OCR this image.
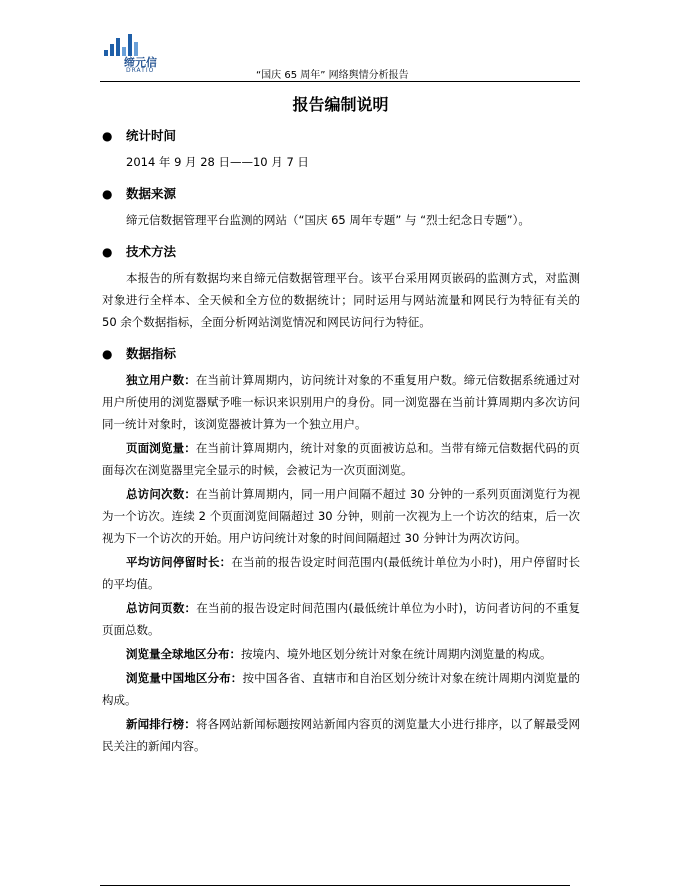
缔元信
DRATIO	“国庆 65 周年” 网络舆情分析报告
报告编制说明
● 统计时间
2014 年 9 月 28 日——10 月 7 日
● 数据来源
缔元信数据管理平台监测的网站（“国庆 65 周年专题” 与 “烈士纪念日专题”）。
● 技术方法
本报告的所有数据均来自缔元信数据管理平台。该平台采用网页嵌码的监测方式，对监测对象进行全样本、全天候和全方位的数据统计；同时运用与网站流量和网民行为特征有关的 50 余个数据指标，全面分析网站浏览情况和网民访问行为特征。
● 数据指标
独立用户数：在当前计算周期内，访问统计对象的不重复用户数。缔元信数据系统通过对用户所使用的浏览器赋予唯一标识来识别用户的身份。同一浏览器在当前计算周期内多次访问同一统计对象时，该浏览器被计算为一个独立用户。
页面浏览量：在当前计算周期内，统计对象的页面被访总和。当带有缔元信数据代码的页面每次在浏览器里完全显示的时候，会被记为一次页面浏览。
总访问次数：在当前计算周期内，同一用户间隔不超过 30 分钟的一系列页面浏览行为视为一个访次。连续 2 个页面浏览间隔超过 30 分钟，则前一次视为上一个访次的结束，后一次视为下一个访次的开始。用户访问统计对象的时间间隔超过 30 分钟计为两次访问。
平均访问停留时长：在当前的报告设定时间范围内(最低统计单位为小时)，用户停留时长的平均值。
总访问页数：在当前的报告设定时间范围内(最低统计单位为小时)，访问者访问的不重复页面总数。
浏览量全球地区分布：按境内、境外地区划分统计对象在统计周期内浏览量的构成。
浏览量中国地区分布：按中国各省、直辖市和自治区划分统计对象在统计周期内浏览量的构成。
新闻排行榜：将各网站新闻标题按网站新闻内容页的浏览量大小进行排序，以了解最受网民关注的新闻内容。
